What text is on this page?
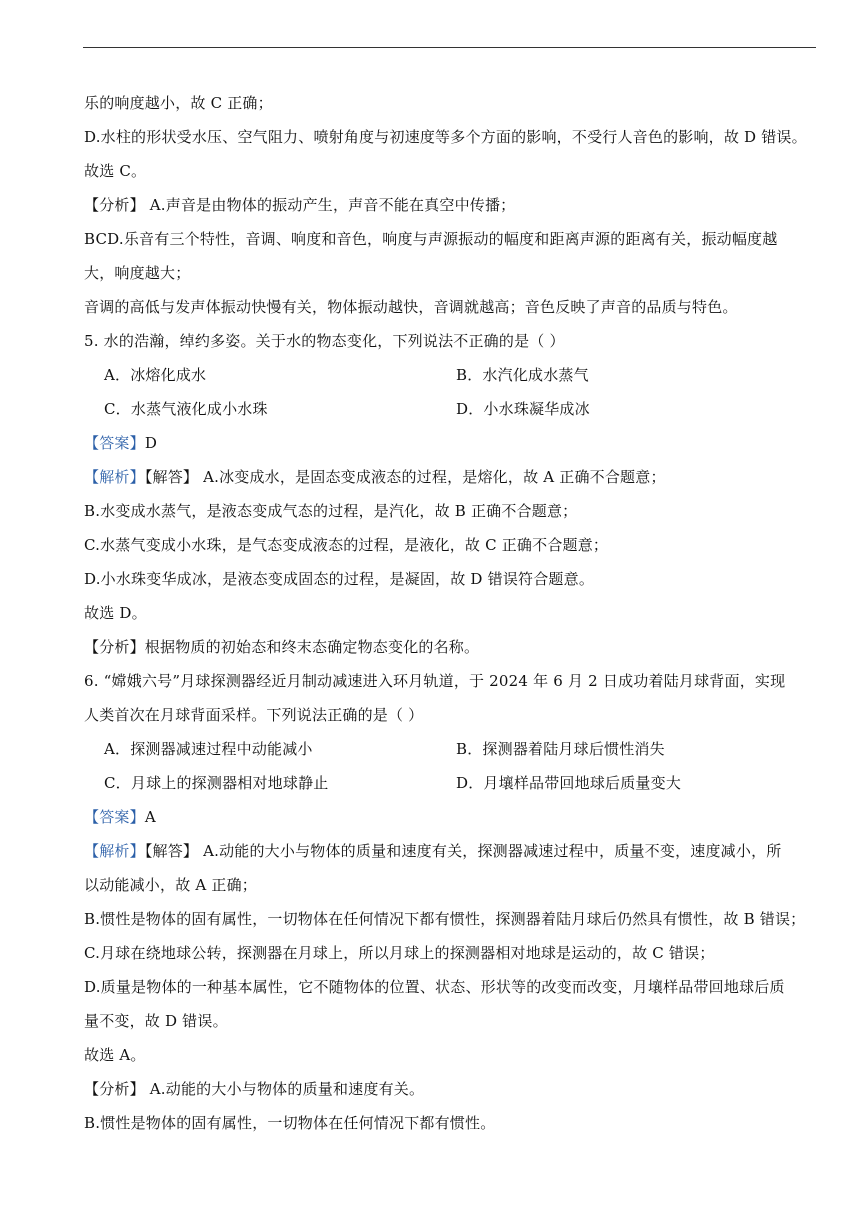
乐的响度越小，故 C 正确；
D.水柱的形状受水压、空气阻力、喷射角度与初速度等多个方面的影响，不受行人音色的影响，故 D 错误。
故选 C。
【分析】 A.声音是由物体的振动产生，声音不能在真空中传播；
BCD.乐音有三个特性，音调、响度和音色，响度与声源振动的幅度和距离声源的距离有关，振动幅度越
大，响度越大；
音调的高低与发声体振动快慢有关，物体振动越快，音调就越高；音色反映了声音的品质与特色。
5. 水的浩瀚，绰约多姿。关于水的物态变化，下列说法不正确的是（ ）
A．冰熔化成水	B．水汽化成水蒸气
C．水蒸气液化成小水珠	D．小水珠凝华成冰
【答案】D
【解析】【解答】 A.冰变成水，是固态变成液态的过程，是熔化，故 A 正确不合题意；
B.水变成水蒸气，是液态变成气态的过程，是汽化，故 B 正确不合题意；
C.水蒸气变成小水珠，是气态变成液态的过程，是液化，故 C 正确不合题意；
D.小水珠变华成冰，是液态变成固态的过程，是凝固，故 D 错误符合题意。
故选 D。
【分析】根据物质的初始态和终末态确定物态变化的名称。
6. “嫦娥六号”月球探测器经近月制动减速进入环月轨道，于 2024 年 6 月 2 日成功着陆月球背面，实现
人类首次在月球背面采样。下列说法正确的是（ ）
A．探测器减速过程中动能减小	B．探测器着陆月球后惯性消失
C．月球上的探测器相对地球静止	D．月壤样品带回地球后质量变大
【答案】A
【解析】【解答】 A.动能的大小与物体的质量和速度有关，探测器减速过程中，质量不变，速度减小，所
以动能减小，故 A 正确；
B.惯性是物体的固有属性，一切物体在任何情况下都有惯性，探测器着陆月球后仍然具有惯性，故 B 错误；
C.月球在绕地球公转，探测器在月球上，所以月球上的探测器相对地球是运动的，故 C 错误；
D.质量是物体的一种基本属性，它不随物体的位置、状态、形状等的改变而改变，月壤样品带回地球后质
量不变，故 D 错误。
故选 A。
【分析】 A.动能的大小与物体的质量和速度有关。
B.惯性是物体的固有属性，一切物体在任何情况下都有惯性。
